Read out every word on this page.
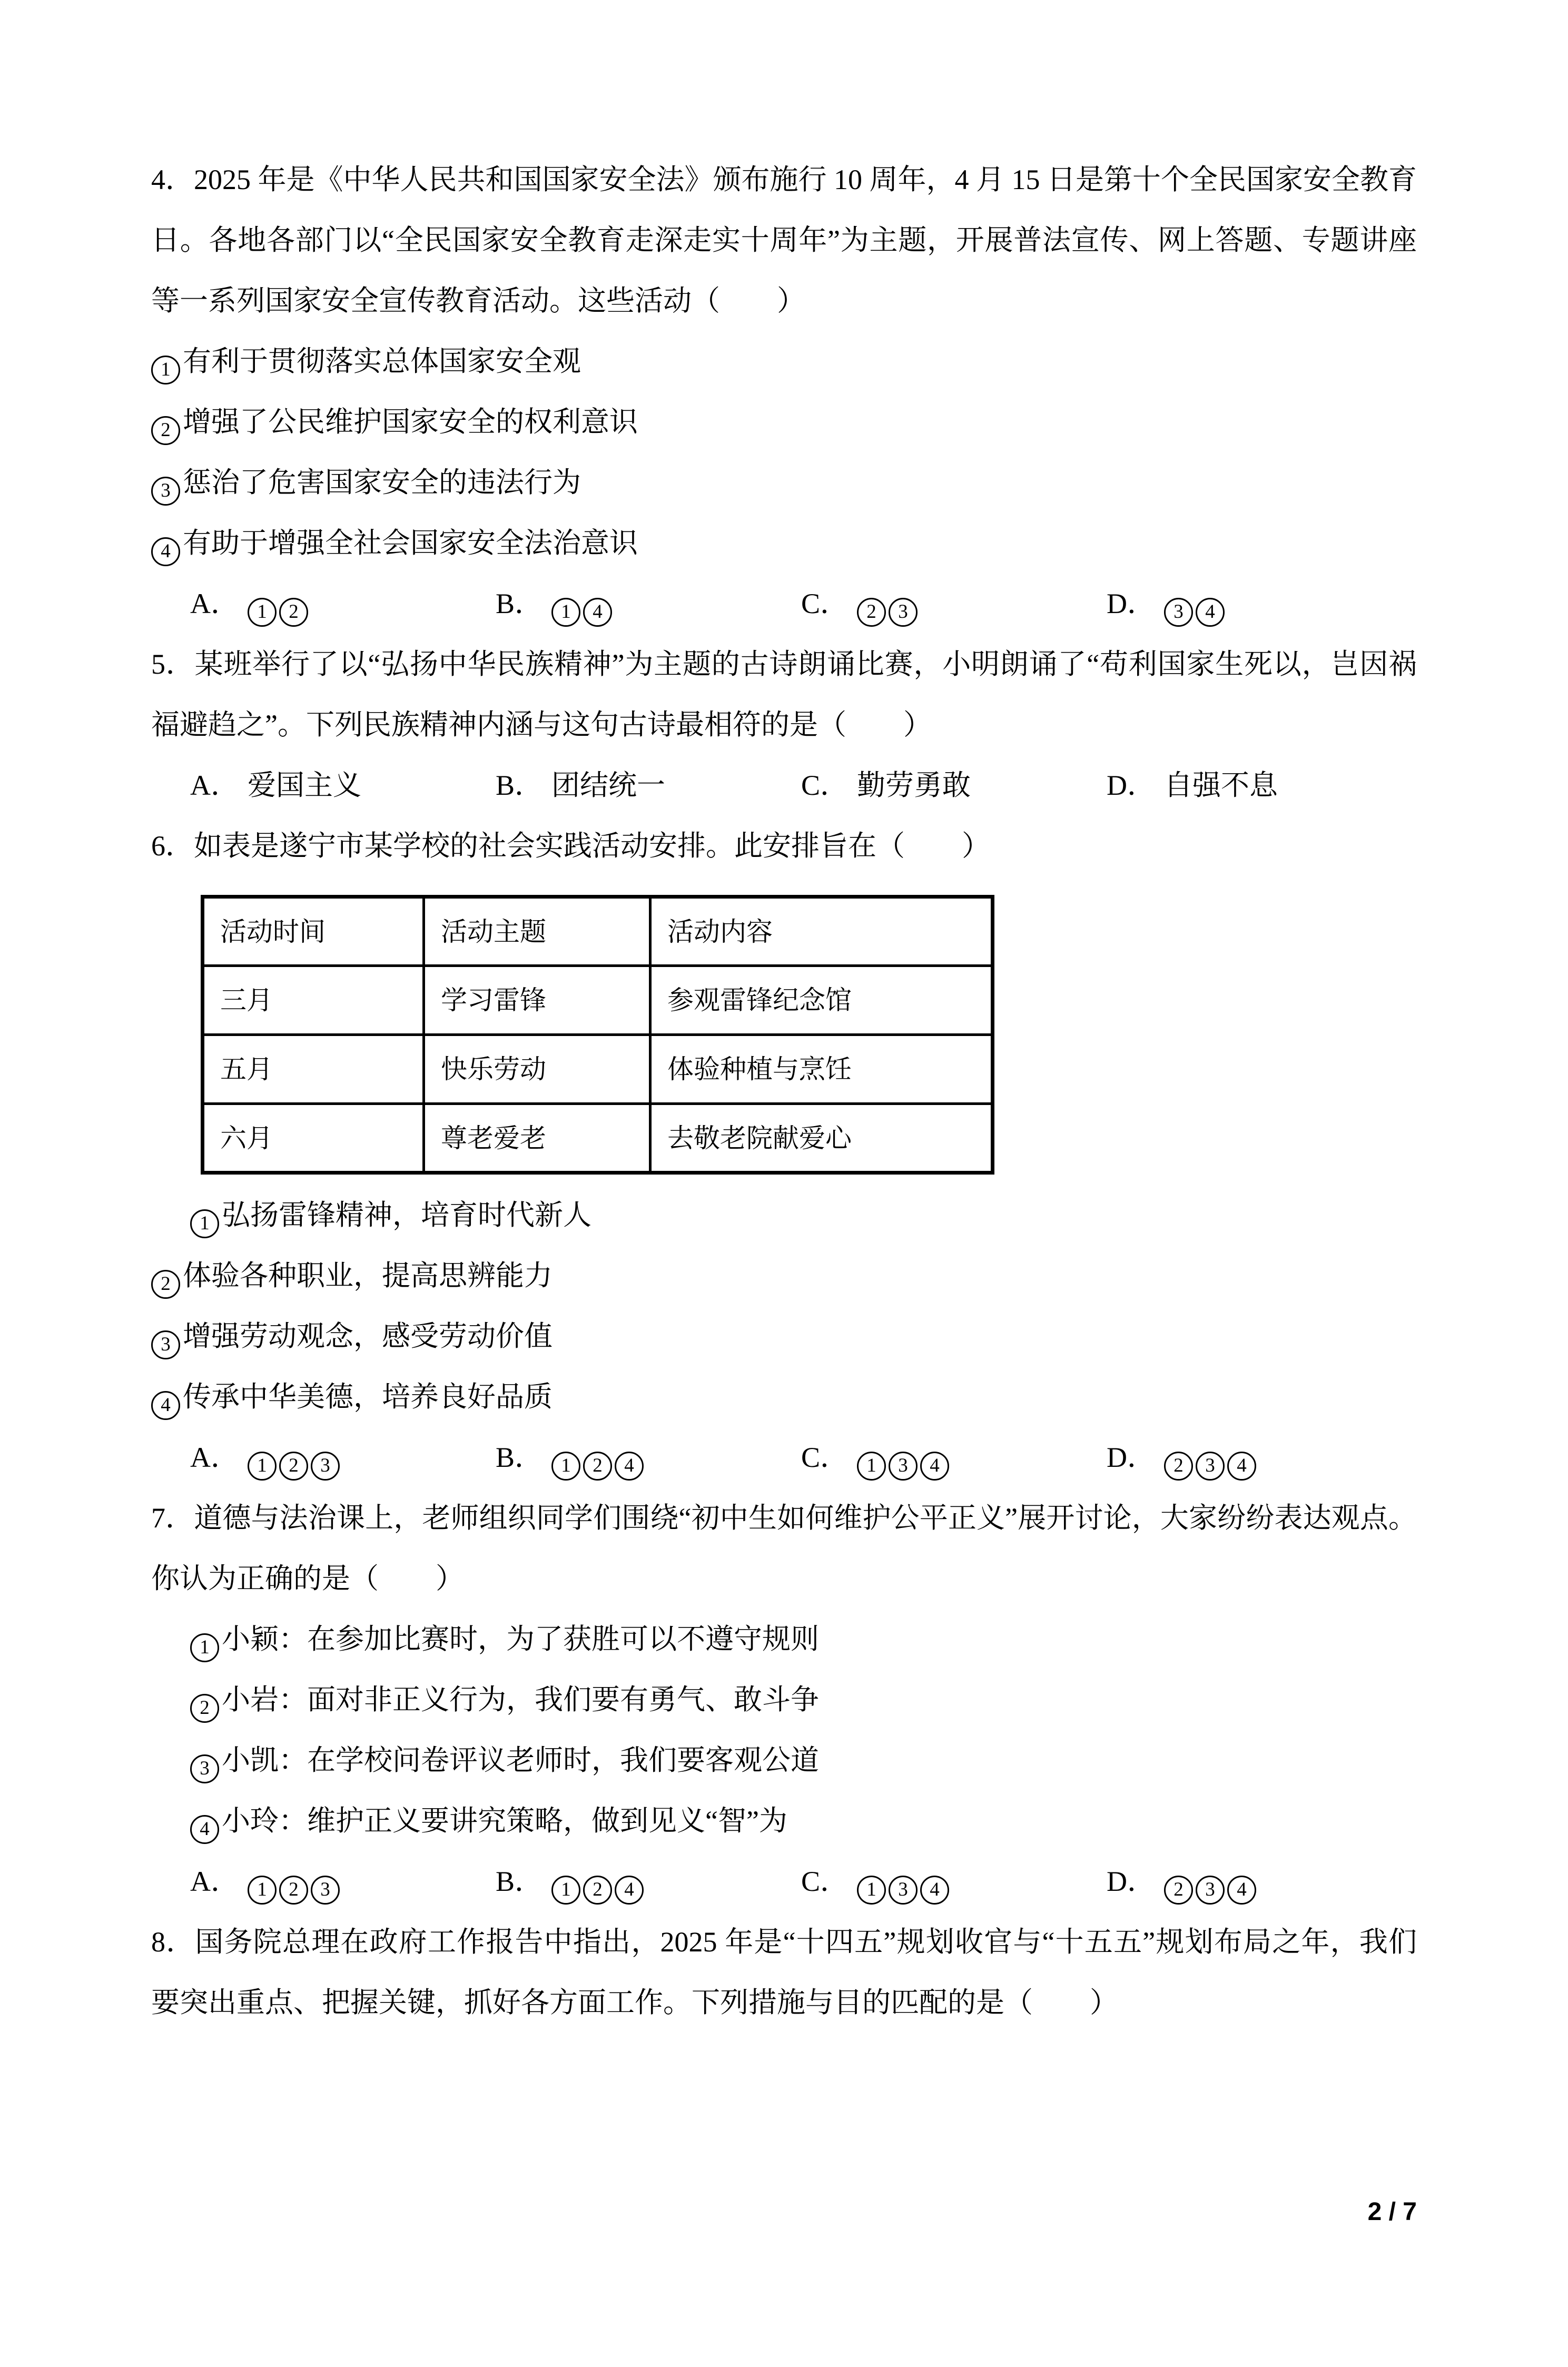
4．2025 年是《中华人民共和国国家安全法》颁布施行 10 周年，4 月 15 日是第十个全民国家安全教育日。各地各部门以“全民国家安全教育走深走实十周年”为主题，开展普法宣传、网上答题、专题讲座等一系列国家安全宣传教育活动。这些活动（　　）

1 有利于贯彻落实总体国家安全观
2 增强了公民维护国家安全的权利意识
3 惩治了危害国家安全的违法行为
4 有助于增强全社会国家安全法治意识
A． 1 2	B． 1 4	C． 2 3	D． 3 4

5．某班举行了以“弘扬中华民族精神”为主题的古诗朗诵比赛，小明朗诵了“苟利国家生死以，岂因祸福避趋之”。下列民族精神内涵与这句古诗最相符的是（　　）

A． 爱国主义	B． 团结统一	C． 勤劳勇敢	D． 自强不息

6．如表是遂宁市某学校的社会实践活动安排。此安排旨在（　　）

活动时间	活动主题	活动内容
三月	学习雷锋	参观雷锋纪念馆
五月	快乐劳动	体验种植与烹饪
六月	尊老爱老	去敬老院献爱心
1 弘扬雷锋精神，培育时代新人
2 体验各种职业，提高思辨能力
3 增强劳动观念，感受劳动价值
4 传承中华美德，培养良好品质
A． 1 2 3	B． 1 2 4	C． 1 3 4	D． 2 3 4

7．道德与法治课上，老师组织同学们围绕“初中生如何维护公平正义”展开讨论，大家纷纷表达观点。你认为正确的是（　　）

1 小颖：在参加比赛时，为了获胜可以不遵守规则
2 小岩：面对非正义行为，我们要有勇气、敢斗争
3 小凯：在学校问卷评议老师时，我们要客观公道
4 小玲：维护正义要讲究策略，做到见义“智”为
A． 1 2 3	B． 1 2 4	C． 1 3 4	D． 2 3 4

8．国务院总理在政府工作报告中指出，2025 年是“十四五”规划收官与“十五五”规划布局之年，我们要突出重点、把握关键，抓好各方面工作。下列措施与目的匹配的是（　　）

2 / 7
